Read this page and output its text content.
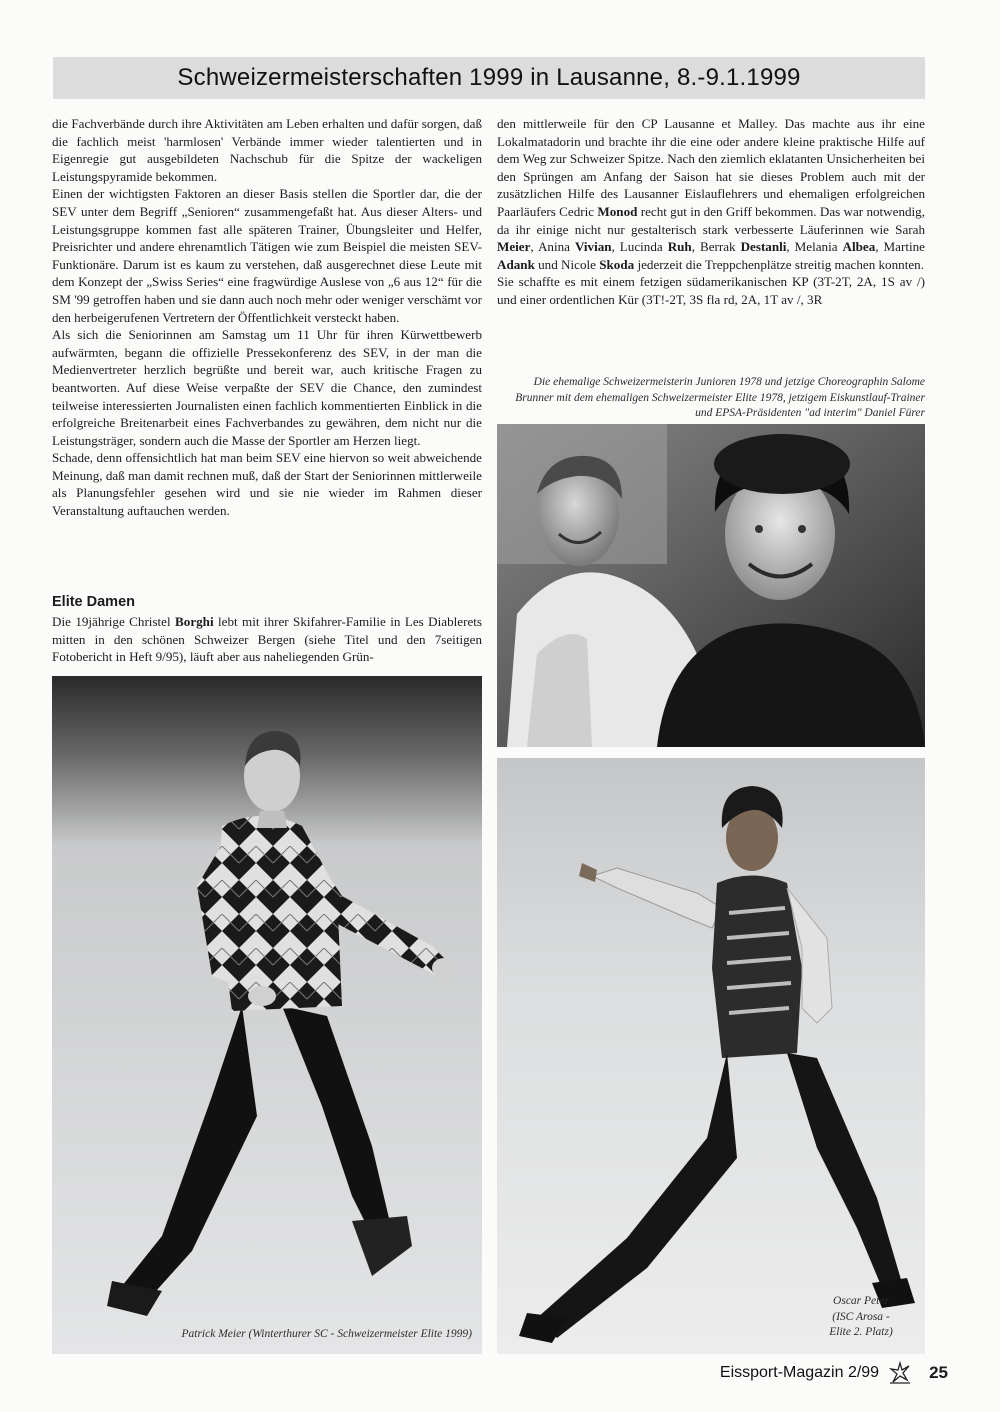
Schweizermeisterschaften 1999 in Lausanne, 8.-9.1.1999

die Fachverbände durch ihre Aktivitäten am Leben erhalten und dafür sorgen, daß die fachlich meist 'harmlosen' Verbände immer wieder talentierten und in Eigenregie gut ausgebildeten Nachschub für die Spitze der wackeligen Leistungspyramide bekommen.

Einen der wichtigsten Faktoren an dieser Basis stellen die Sportler dar, die der SEV unter dem Begriff „Senioren“ zusammengefaßt hat. Aus dieser Alters- und Leistungsgruppe kommen fast alle späteren Trainer, Übungsleiter und Helfer, Preisrichter und andere ehrenamtlich Tätigen wie zum Beispiel die meisten SEV-Funktionäre. Darum ist es kaum zu verstehen, daß ausgerechnet diese Leute mit dem Konzept der „Swiss Series“ eine fragwürdige Auslese von „6 aus 12“ für die SM '99 getroffen haben und sie dann auch noch mehr oder weniger verschämt vor den herbeigerufenen Vertretern der Öffentlichkeit versteckt haben.

Als sich die Seniorinnen am Samstag um 11 Uhr für ihren Kürwettbewerb aufwärmten, begann die offizielle Pressekonferenz des SEV, in der man die Medienvertreter herzlich begrüßte und bereit war, auch kritische Fragen zu beantworten. Auf diese Weise verpaßte der SEV die Chance, den zumindest teilweise interessierten Journalisten einen fachlich kommentierten Einblick in die erfolgreiche Breitenarbeit eines Fachverbandes zu gewähren, dem nicht nur die Leistungsträger, sondern auch die Masse der Sportler am Herzen liegt.

Schade, denn offensichtlich hat man beim SEV eine hiervon so weit abweichende Meinung, daß man damit rechnen muß, daß der Start der Seniorinnen mittlerweile als Planungsfehler gesehen wird und sie nie wieder im Rahmen dieser Veranstaltung auftauchen werden.

Elite Damen

Die 19jährige Christel Borghi lebt mit ihrer Skifahrer-Familie in Les Diablerets mitten in den schönen Schweizer Bergen (siehe Titel und den 7seitigen Fotobericht in Heft 9/95), läuft aber aus naheliegenden Grün-

den mittlerweile für den CP Lausanne et Malley. Das machte aus ihr eine Lokalmatadorin und brachte ihr die eine oder andere kleine praktische Hilfe auf dem Weg zur Schweizer Spitze. Nach den ziemlich eklatanten Unsicherheiten bei den Sprüngen am Anfang der Saison hat sie dieses Problem auch mit der zusätzlichen Hilfe des Lausanner Eislauflehrers und ehemaligen erfolgreichen Paarläufers Cedric Monod recht gut in den Griff bekommen. Das war notwendig, da ihr einige nicht nur gestalterisch stark verbesserte Läuferinnen wie Sarah Meier, Anina Vivian, Lucinda Ruh, Berrak Destanli, Melania Albea, Martine Adank und Nicole Skoda jederzeit die Treppchenplätze streitig machen konnten.

Sie schaffte es mit einem fetzigen südamerikanischen KP (3T-2T, 2A, 1S av /) und einer ordentlichen Kür (3T!-2T, 3S fla rd, 2A, 1T av /, 3R

Die ehemalige Schweizermeisterin Junioren 1978 und jetzige Choreographin Salome Brunner mit dem ehemaligen Schweizermeister Elite 1978, jetzigem Eiskunstlauf-Trainer und EPSA-Präsidenten "ad interim" Daniel Fürer

Patrick Meier (Winterthurer SC - Schweizermeister Elite 1999)

Oscar Peter
(ISC Arosa -
Elite 2. Platz)

Eissport-Magazin 2/99	25
